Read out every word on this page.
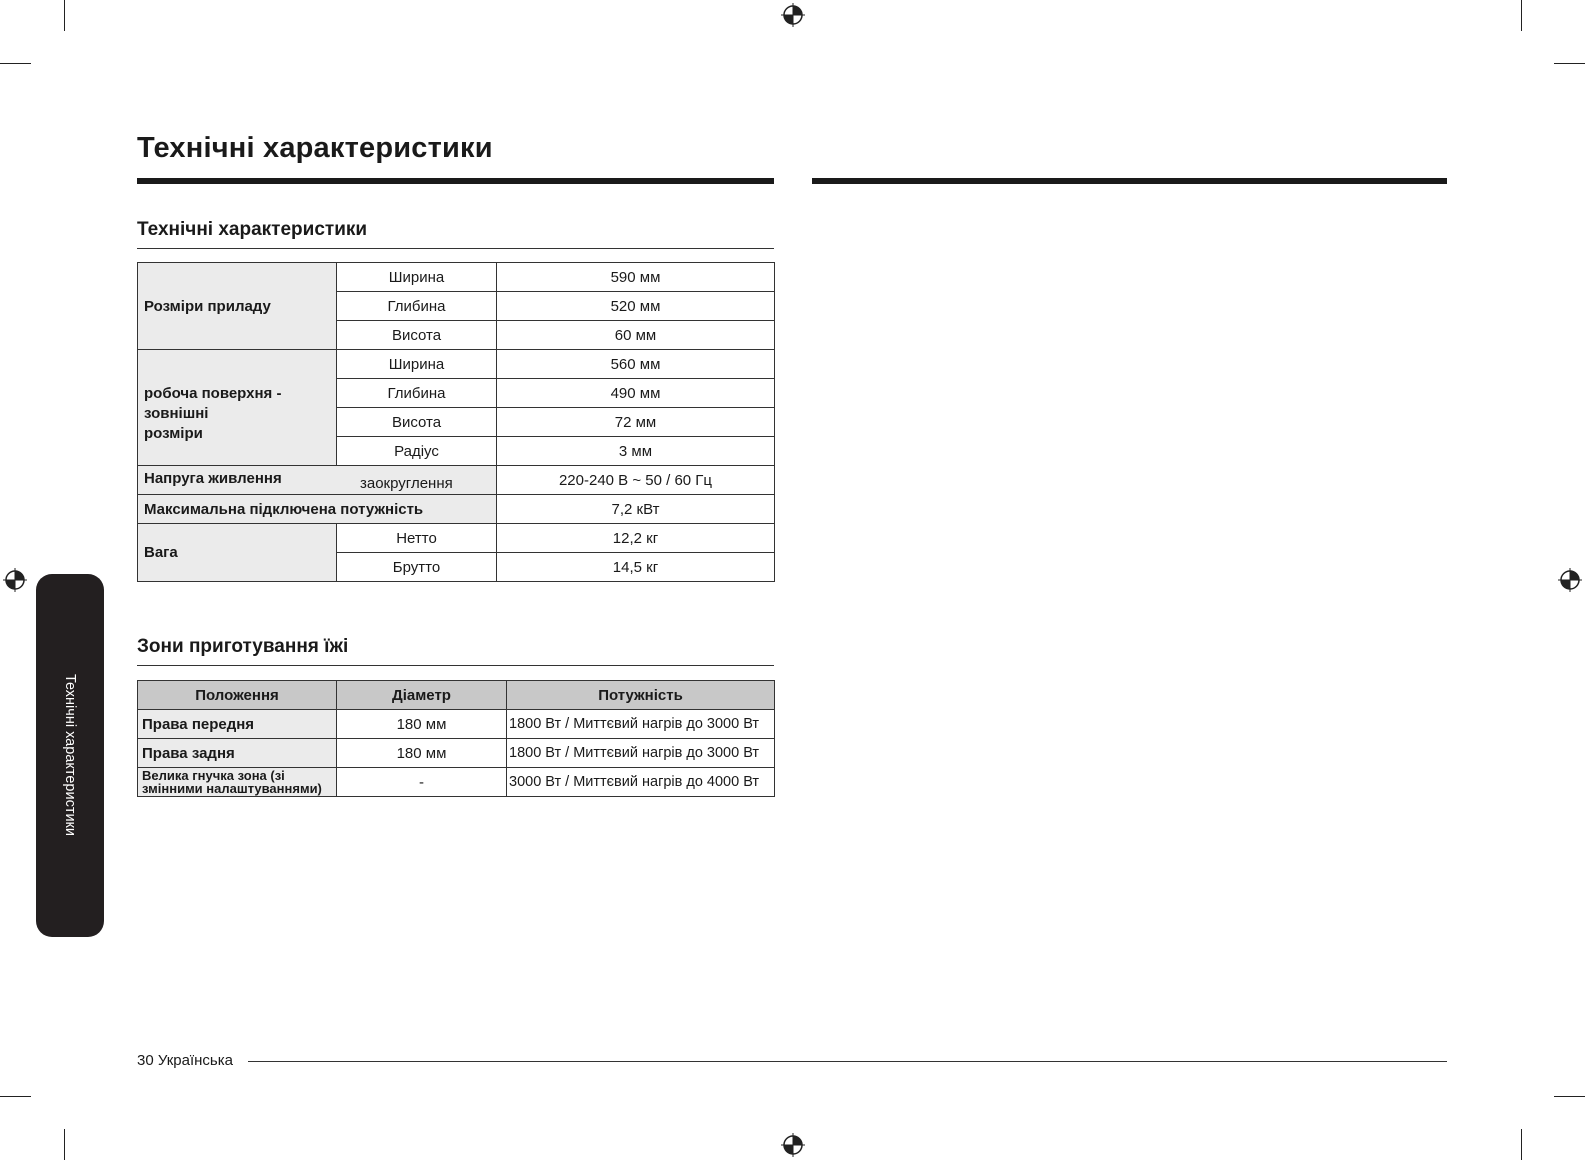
Технічні характеристики
Технічні характеристики
Розміри приладу	Ширина	590 мм
	Глибина	520 мм
	Висота	60 мм
робоча поверхня -
зовнішні
розміри	Ширина	560 мм
	Глибина	490 мм
	Висота	72 мм
	Радіус	3 мм
Напруга живлення заокруглення		220-240 В ~ 50 / 60 Гц
Максимальна підключена потужність		7,2 кВт
Вага	Нетто	12,2 кг
	Брутто	14,5 кг
Зони приготування їжі
Положення	Діаметр	Потужність
Права передня	180 мм	1800 Вт / Миттєвий нагрів до 3000 Вт
Права задня	180 мм	1800 Вт / Миттєвий нагрів до 3000 Вт
Велика гнучка зона (зі
змінними налаштуваннями)	-	3000 Вт / Миттєвий нагрів до 4000 Вт
Технічні характеристики
30 Українська
